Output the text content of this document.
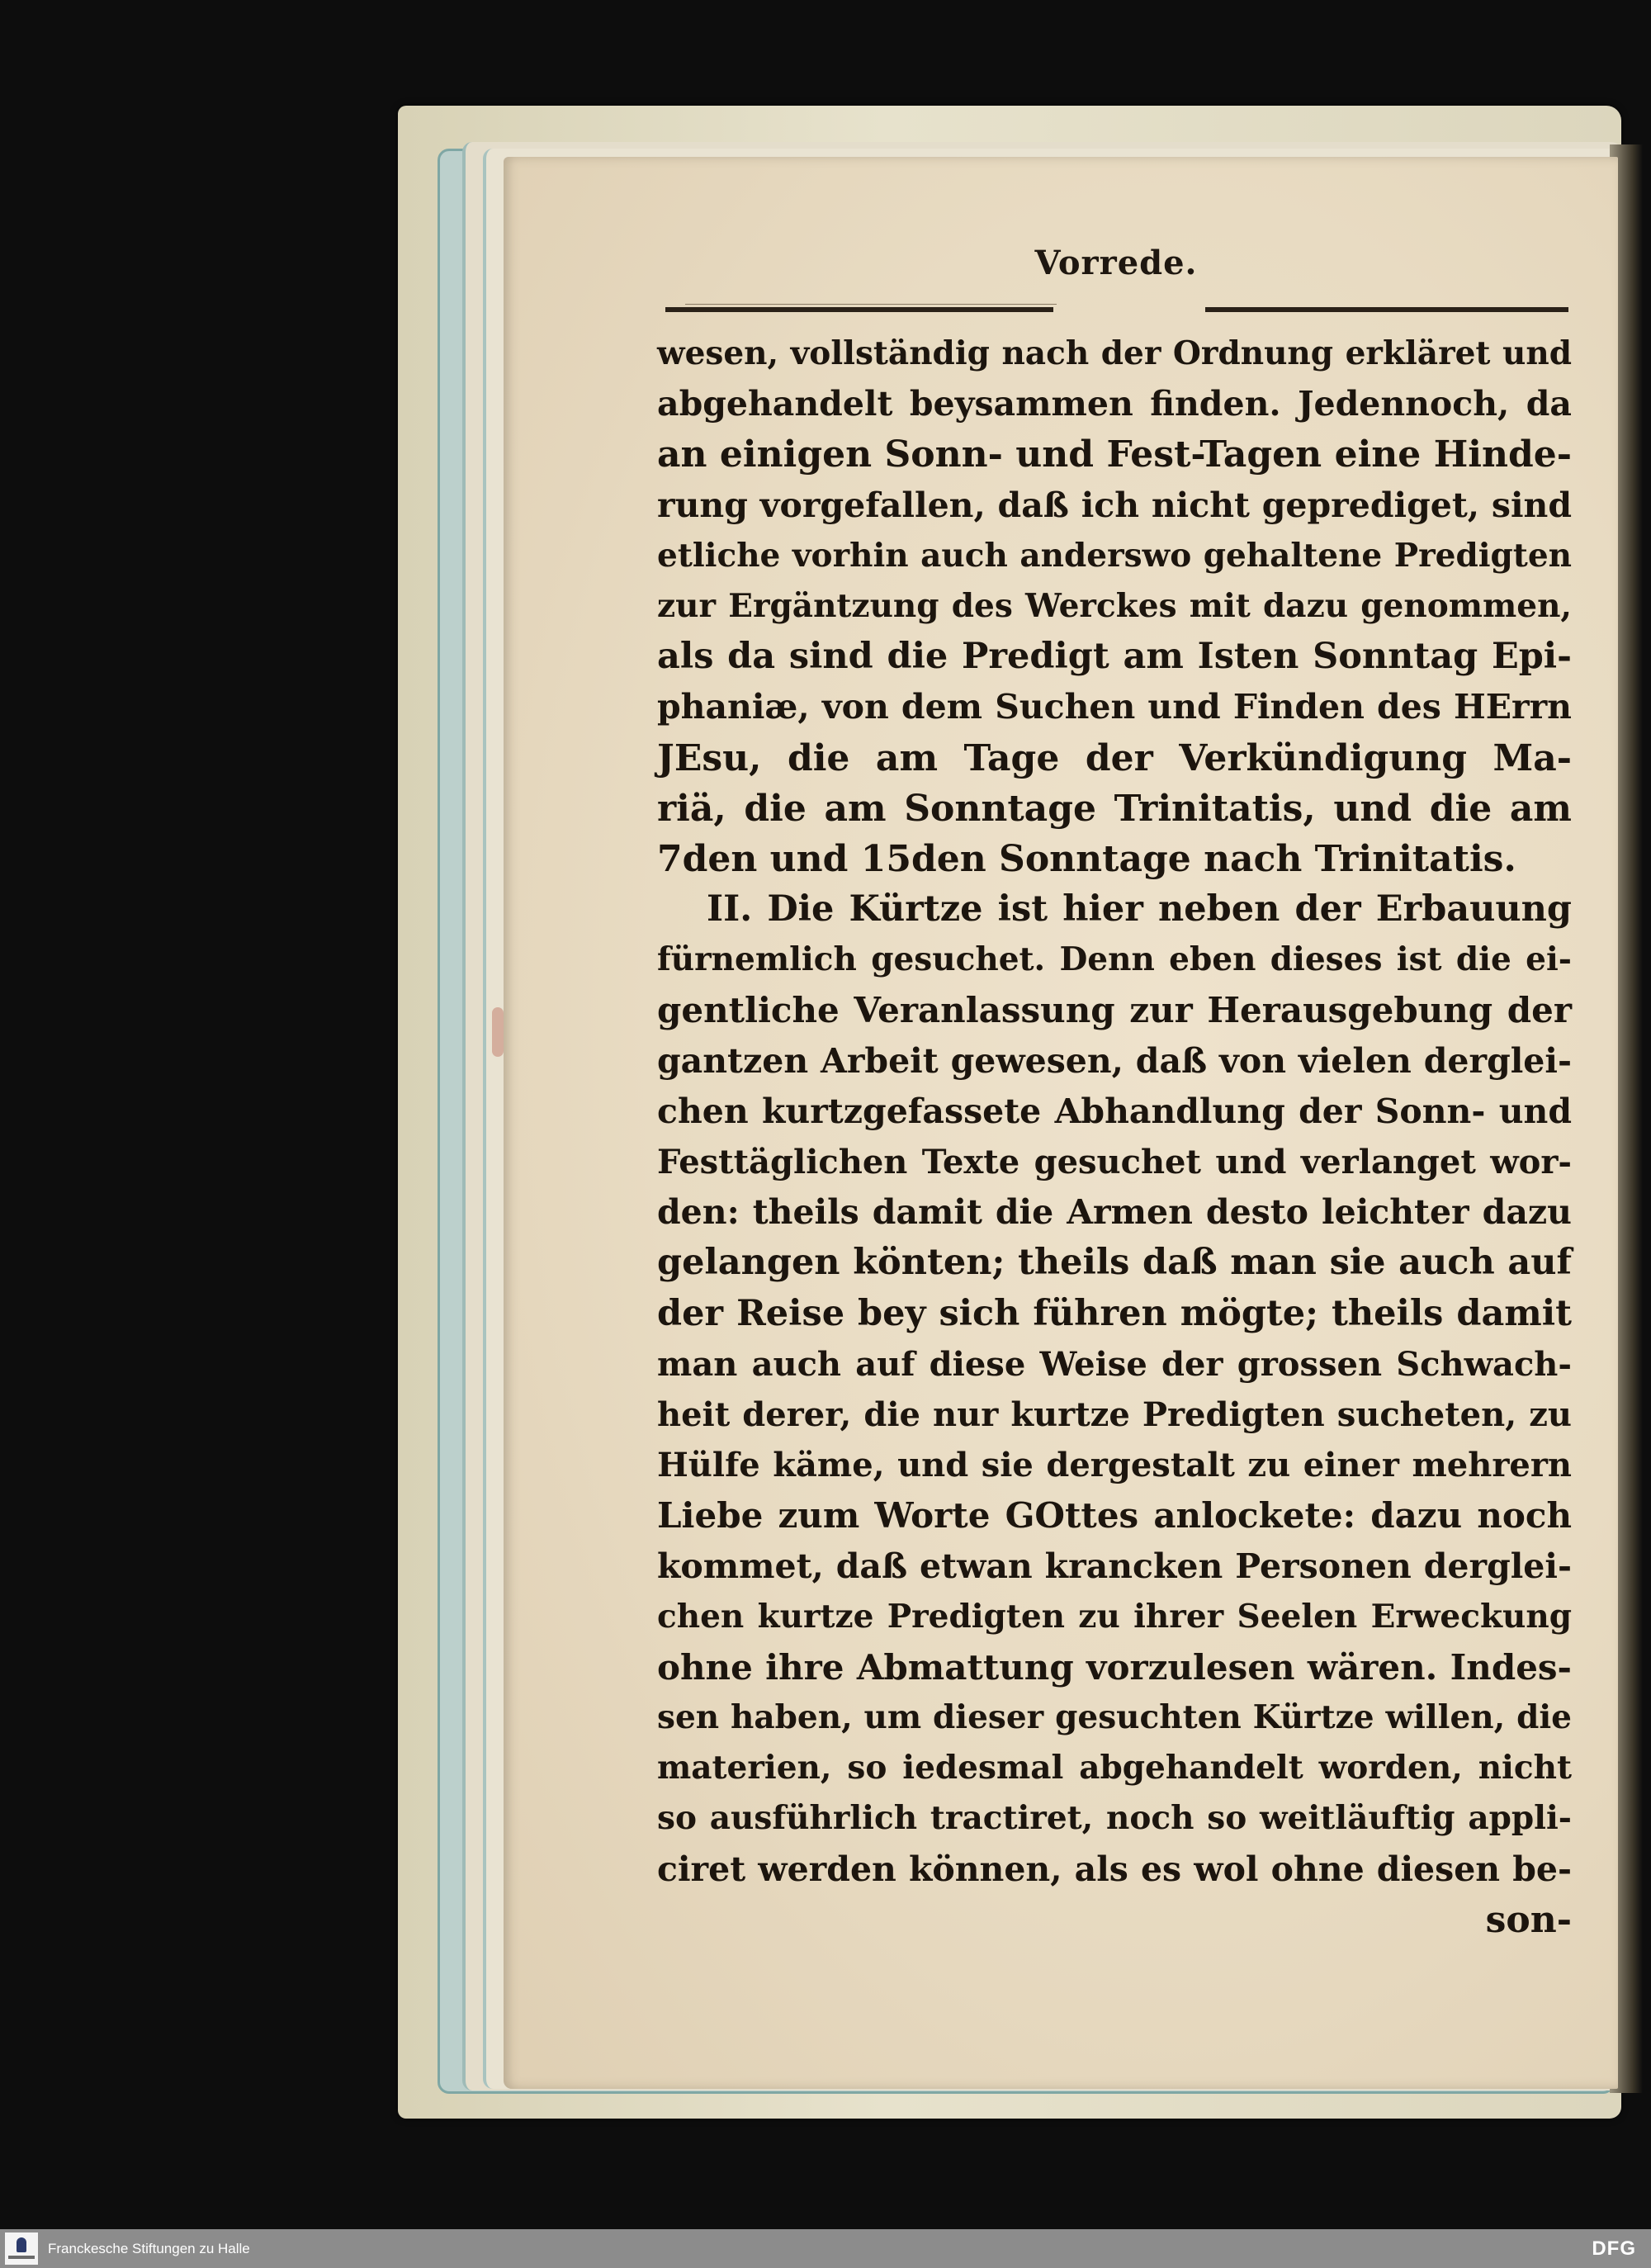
Vorrede.
wesen, vollständig nach der Ordnung erkläret und
abgehandelt beysammen finden. Jedennoch, da
an einigen Sonn- und Fest-Tagen eine Hinde-
rung vorgefallen, daß ich nicht geprediget, sind
etliche vorhin auch anderswo gehaltene Predigten
zur Ergäntzung des Werckes mit dazu genommen,
als da sind die Predigt am Isten Sonntag Epi-
phaniæ, von dem Suchen und Finden des HErrn
JEsu, die am Tage der Verkündigung Ma-
riä, die am Sonntage Trinitatis, und die am
7den und 15den Sonntage nach Trinitatis.
II. Die Kürtze ist hier neben der Erbauung
fürnemlich gesuchet. Denn eben dieses ist die ei-
gentliche Veranlassung zur Herausgebung der
gantzen Arbeit gewesen, daß von vielen derglei-
chen kurtzgefassete Abhandlung der Sonn- und
Festtäglichen Texte gesuchet und verlanget wor-
den: theils damit die Armen desto leichter dazu
gelangen könten; theils daß man sie auch auf
der Reise bey sich führen mögte; theils damit
man auch auf diese Weise der grossen Schwach-
heit derer, die nur kurtze Predigten sucheten, zu
Hülfe käme, und sie dergestalt zu einer mehrern
Liebe zum Worte GOttes anlockete: dazu noch
kommet, daß etwan krancken Personen derglei-
chen kurtze Predigten zu ihrer Seelen Erweckung
ohne ihre Abmattung vorzulesen wären. Indes-
sen haben, um dieser gesuchten Kürtze willen, die
materien, so iedesmal abgehandelt worden, nicht
so ausführlich tractiret, noch so weitläuftig appli-
ciret werden können, als es wol ohne diesen be-
son-
Franckesche Stiftungen zu Halle	DFG
